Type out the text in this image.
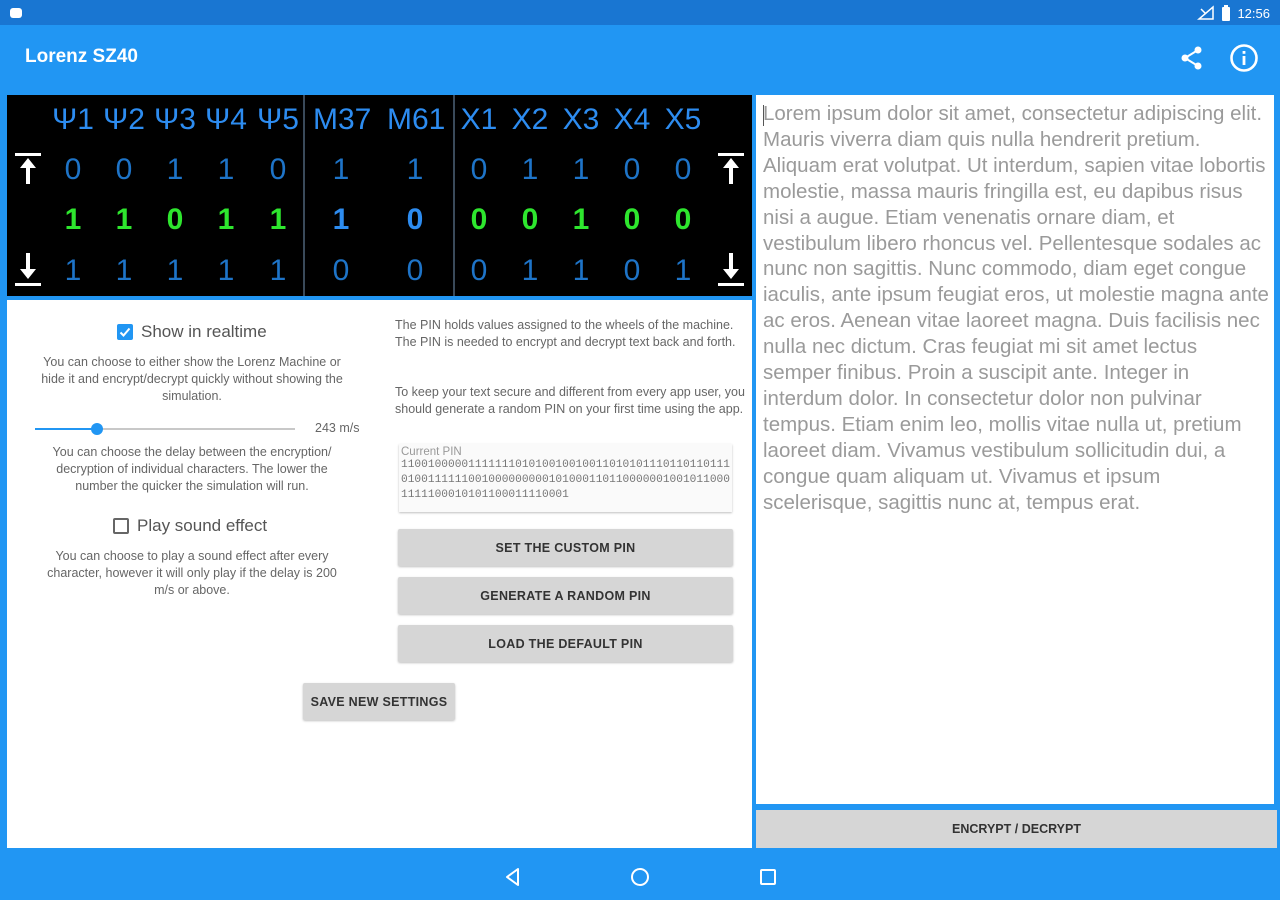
12:56
Lorenz SZ40
Ψ1 Ψ2 Ψ3 Ψ4 Ψ5 M37 M61 X1 X2 X3 X4 X5
0	0	1	1	0	1	1	0	1	1	0	0
1	1	0	1	1	1	0	0	0	1	0	0
1	1	1	1	1	0	0	0	1	1	0	1
Show in realtime
You can choose to either show the Lorenz Machine or hide it and encrypt/decrypt quickly without showing the simulation.
243 m/s
You can choose the delay between the encryption/ decryption of individual characters. The lower the number the quicker the simulation will run.
Play sound effect
You can choose to play a sound effect after every character, however it will only play if the delay is 200 m/s or above.
The PIN holds values assigned to the wheels of the machine. The PIN is needed to encrypt and decrypt text back and forth.
To keep your text secure and different from every app user, you should generate a random PIN on your first time using the app.
Current PIN
110010000011111110101001001001101010111011011011101001111110010000000001010001101100000010010110001111100010101100011110001
SET THE CUSTOM PIN
GENERATE A RANDOM PIN
LOAD THE DEFAULT PIN
SAVE NEW SETTINGS
Lorem ipsum dolor sit amet, consectetur adipiscing elit. Mauris viverra diam quis nulla hendrerit pretium. Aliquam erat volutpat. Ut interdum, sapien vitae lobortis molestie, massa mauris fringilla est, eu dapibus risus nisi a augue. Etiam venenatis ornare diam, et vestibulum libero rhoncus vel. Pellentesque sodales ac nunc non sagittis. Nunc commodo, diam eget congue iaculis, ante ipsum feugiat eros, ut molestie magna ante ac eros. Aenean vitae laoreet magna. Duis facilisis nec nulla nec dictum. Cras feugiat mi sit amet lectus semper finibus. Proin a suscipit ante. Integer in interdum dolor. In consectetur dolor non pulvinar tempus. Etiam enim leo, mollis vitae nulla ut, pretium laoreet diam. Vivamus vestibulum sollicitudin dui, a congue quam aliquam ut. Vivamus et ipsum scelerisque, sagittis nunc at, tempus erat.
ENCRYPT / DECRYPT
